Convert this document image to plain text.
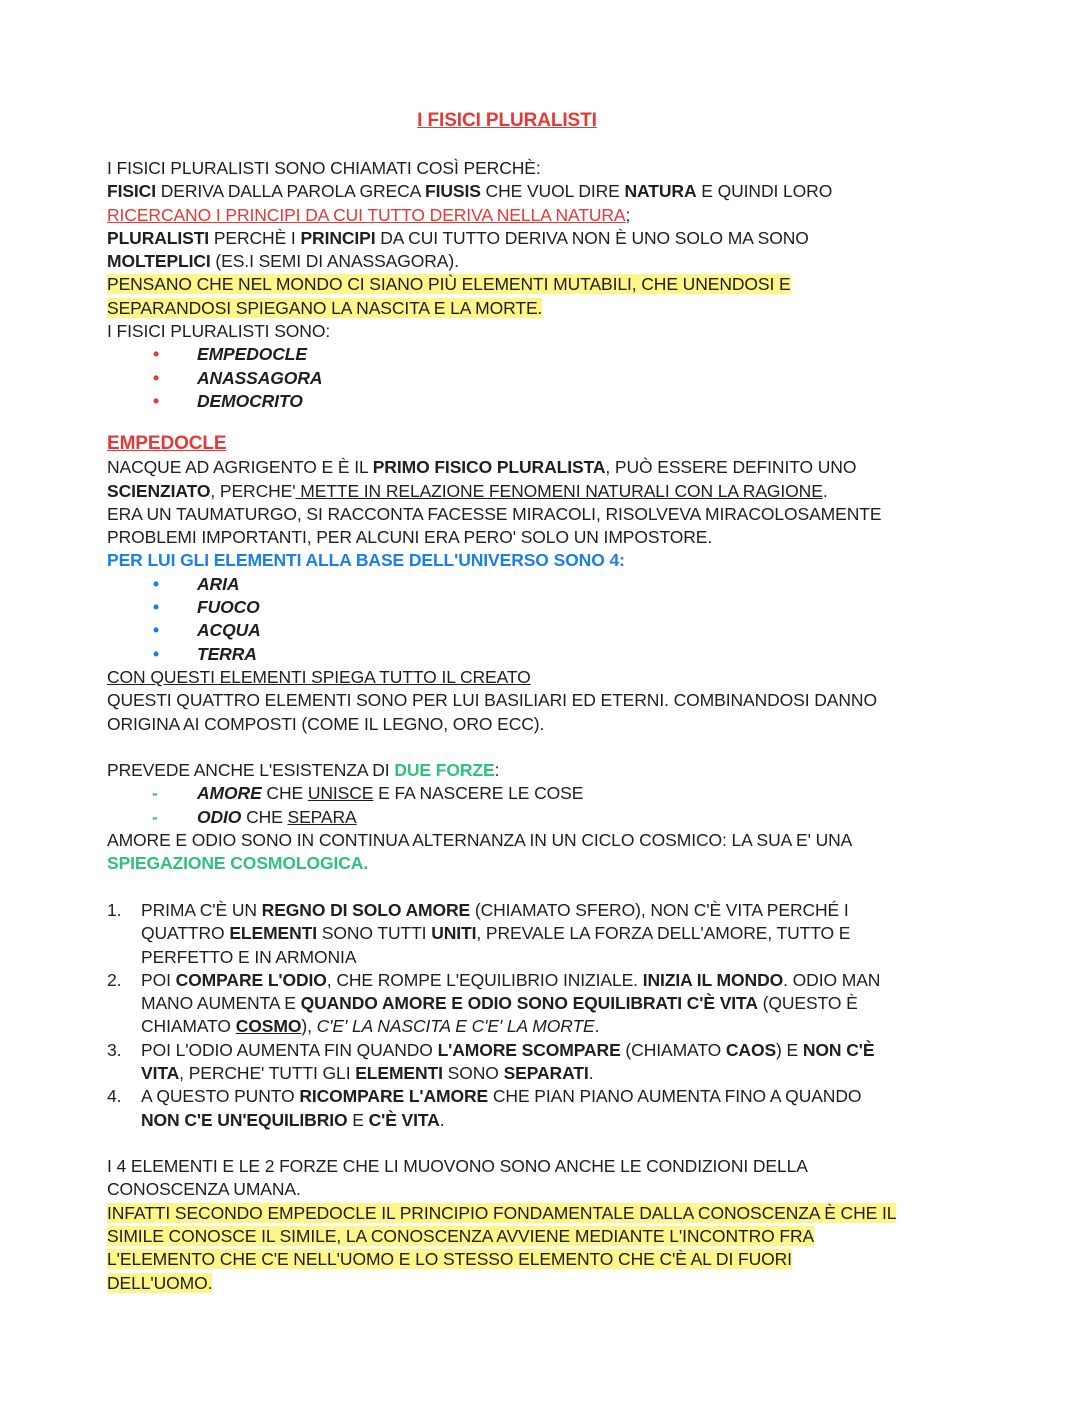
I FISICI PLURALISTI

I FISICI PLURALISTI SONO CHIAMATI COSÌ PERCHÈ:

FISICI DERIVA DALLA PAROLA GRECA FIUSIS CHE VUOL DIRE NATURA E QUINDI LORO

RICERCANO I PRINCIPI DA CUI TUTTO DERIVA NELLA NATURA;

PLURALISTI PERCHÈ I PRINCIPI DA CUI TUTTO DERIVA NON È UNO SOLO MA SONO

MOLTEPLICI (ES.I SEMI DI ANASSAGORA).

PENSANO CHE NEL MONDO CI SIANO PIÙ ELEMENTI MUTABILI, CHE UNENDOSI E

SEPARANDOSI SPIEGANO LA NASCITA E LA MORTE.

I FISICI PLURALISTI SONO:

• EMPEDOCLE
• ANASSAGORA
• DEMOCRITO
EMPEDOCLE

NACQUE AD AGRIGENTO E È IL PRIMO FISICO PLURALISTA, PUÒ ESSERE DEFINITO UNO

SCIENZIATO, PERCHE' METTE IN RELAZIONE FENOMENI NATURALI CON LA RAGIONE.

ERA UN TAUMATURGO, SI RACCONTA FACESSE MIRACOLI, RISOLVEVA MIRACOLOSAMENTE

PROBLEMI IMPORTANTI, PER ALCUNI ERA PERO' SOLO UN IMPOSTORE.

PER LUI GLI ELEMENTI ALLA BASE DELL'UNIVERSO SONO 4:

• ARIA
• FUOCO
• ACQUA
• TERRA

CON QUESTI ELEMENTI SPIEGA TUTTO IL CREATO

QUESTI QUATTRO ELEMENTI SONO PER LUI BASILIARI ED ETERNI. COMBINANDOSI DANNO

ORIGINA AI COMPOSTI (COME IL LEGNO, ORO ECC).

PREVEDE ANCHE L'ESISTENZA DI DUE FORZE:

- AMORE CHE UNISCE E FA NASCERE LE COSE
- ODIO CHE SEPARA

AMORE E ODIO SONO IN CONTINUA ALTERNANZA IN UN CICLO COSMICO: LA SUA E' UNA

SPIEGAZIONE COSMOLOGICA.

1. PRIMA C'È UN REGNO DI SOLO AMORE (CHIAMATO SFERO), NON C'È VITA PERCHÉ I
QUATTRO ELEMENTI SONO TUTTI UNITI, PREVALE LA FORZA DELL'AMORE, TUTTO E
PERFETTO E IN ARMONIA
2. POI COMPARE L'ODIO, CHE ROMPE L'EQUILIBRIO INIZIALE. INIZIA IL MONDO. ODIO MAN
MANO AUMENTA E QUANDO AMORE E ODIO SONO EQUILIBRATI C'È VITA (QUESTO È
CHIAMATO COSMO), C'E' LA NASCITA E C'E' LA MORTE.
3. POI L'ODIO AUMENTA FIN QUANDO L'AMORE SCOMPARE (CHIAMATO CAOS) E NON C'È
VITA, PERCHE' TUTTI GLI ELEMENTI SONO SEPARATI.
4. A QUESTO PUNTO RICOMPARE L'AMORE CHE PIAN PIANO AUMENTA FINO A QUANDO
NON C'E UN'EQUILIBRIO E C'È VITA.

I 4 ELEMENTI E LE 2 FORZE CHE LI MUOVONO SONO ANCHE LE CONDIZIONI DELLA

CONOSCENZA UMANA.

INFATTI SECONDO EMPEDOCLE IL PRINCIPIO FONDAMENTALE DALLA CONOSCENZA È CHE IL

SIMILE CONOSCE IL SIMILE, LA CONOSCENZA AVVIENE MEDIANTE L'INCONTRO FRA

L'ELEMENTO CHE C'E NELL'UOMO E LO STESSO ELEMENTO CHE C'È AL DI FUORI

DELL'UOMO.
